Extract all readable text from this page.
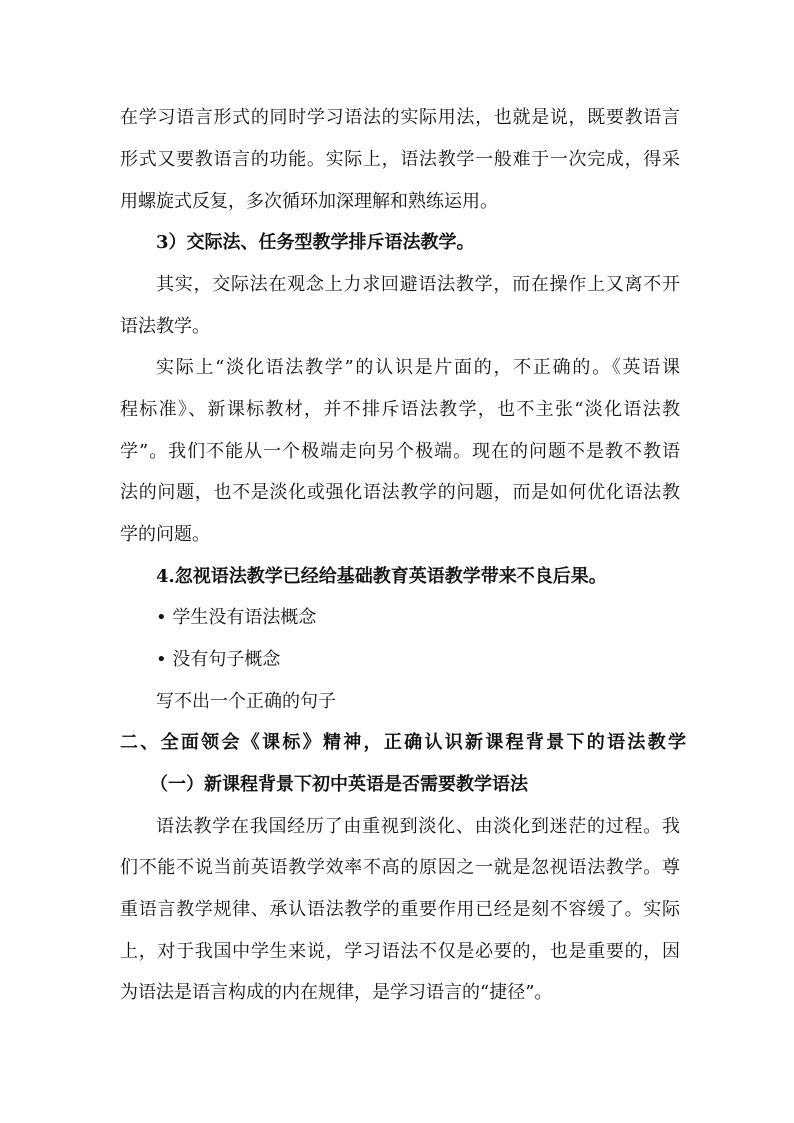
在学习语言形式的同时学习语法的实际用法，也就是说，既要教语言
形式又要教语言的功能。实际上，语法教学一般难于一次完成，得采
用螺旋式反复，多次循环加深理解和熟练运用。
3）交际法、任务型教学排斥语法教学。
其实，交际法在观念上力求回避语法教学，而在操作上又离不开
语法教学。
实际上“淡化语法教学”的认识是片面的，不正确的。《英语课
程标准》、新课标教材，并不排斥语法教学，也不主张“淡化语法教
学”。我们不能从一个极端走向另个极端。现在的问题不是教不教语
法的问题，也不是淡化或强化语法教学的问题，而是如何优化语法教
学的问题。
4.忽视语法教学已经给基础教育英语教学带来不良后果。
• 学生没有语法概念
• 没有句子概念
写不出一个正确的句子
二、全面领会《课标》精神，正确认识新课程背景下的语法教学
（一）新课程背景下初中英语是否需要教学语法
语法教学在我国经历了由重视到淡化、由淡化到迷茫的过程。我
们不能不说当前英语教学效率不高的原因之一就是忽视语法教学。尊
重语言教学规律、承认语法教学的重要作用已经是刻不容缓了。实际
上，对于我国中学生来说，学习语法不仅是必要的，也是重要的，因
为语法是语言构成的内在规律，是学习语言的“捷径”。
